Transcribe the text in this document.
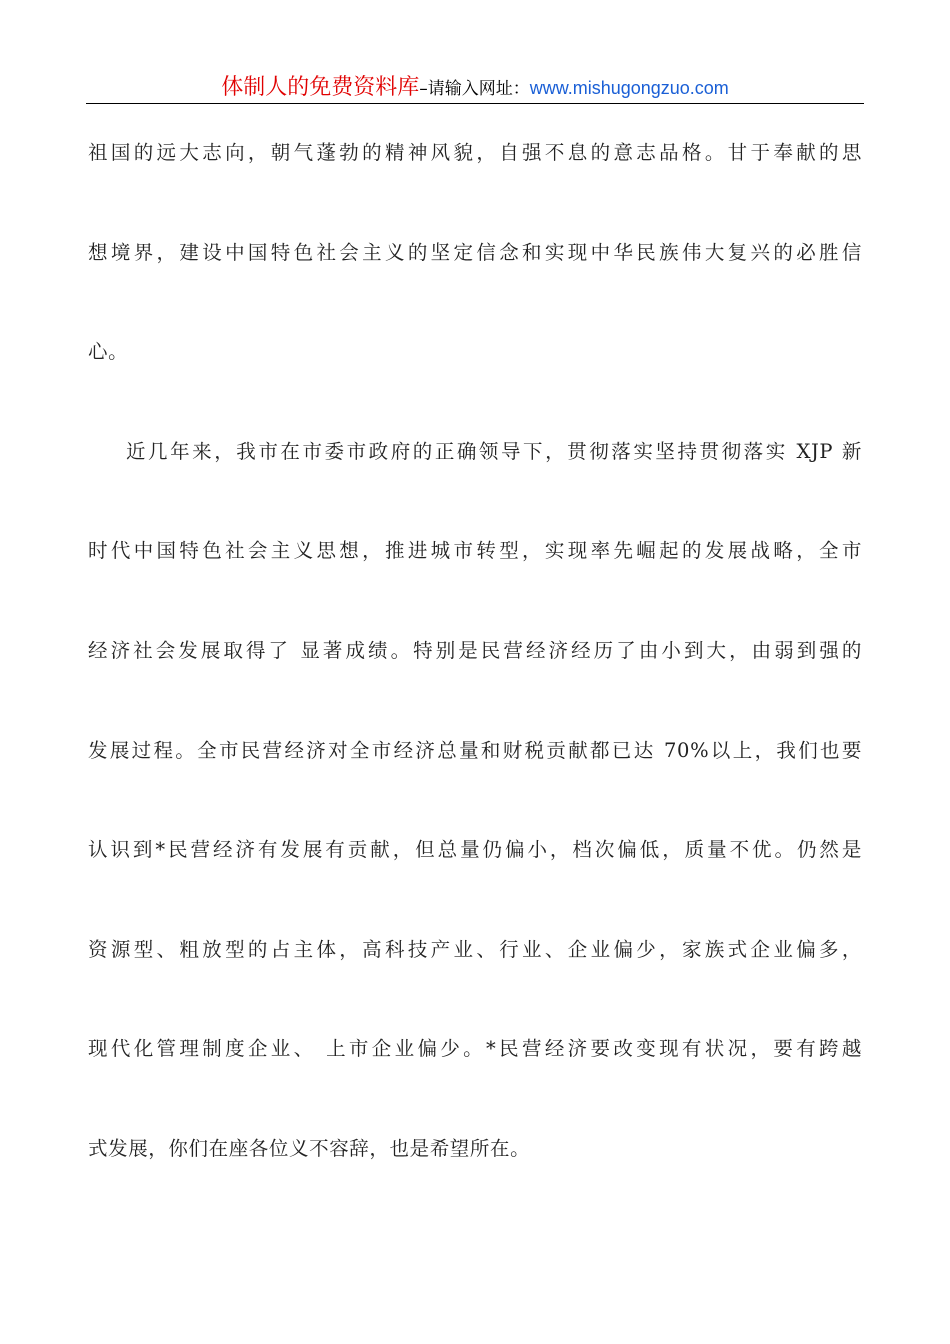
体制人的免费资料库–请输入网址：www.mishugongzuo.com
祖国的远大志向，朝气蓬勃的精神风貌，自强不息的意志品格。甘于奉献的思
想境界，建设中国特色社会主义的坚定信念和实现中华民族伟大复兴的必胜信
心。
近几年来，我市在市委市政府的正确领导下，贯彻落实坚持贯彻落实 XJP 新
时代中国特色社会主义思想，推进城市转型，实现率先崛起的发展战略，全市
经济社会发展取得了 显著成绩。特别是民营经济经历了由小到大，由弱到强的
发展过程。全市民营经济对全市经济总量和财税贡献都已达 70%以上，我们也要
认识到*民营经济有发展有贡献，但总量仍偏小，档次偏低，质量不优。仍然是
资源型、粗放型的占主体，高科技产业、行业、企业偏少，家族式企业偏多，
现代化管理制度企业、 上市企业偏少。*民营经济要改变现有状况，要有跨越
式发展，你们在座各位义不容辞，也是希望所在。
